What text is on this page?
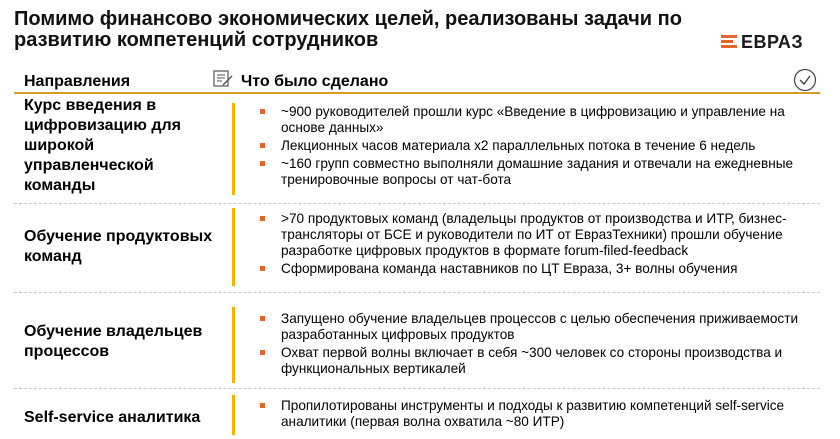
Помимо финансово экономических целей, реализованы задачи по развитию компетенций сотрудников	ЕВРАЗ
Направления	Что было сделано
Курс введения в цифровизацию для широкой управленческой команды
~900 руководителей прошли курс «Введение в цифровизацию и управление на основе данных»
Лекционных часов материала х2 параллельных потока в течение 6 недель
~160 групп совместно выполняли домашние задания и отвечали на ежедневные тренировочные вопросы от чат-бота
Обучение продуктовых команд
>70 продуктовых команд (владельцы продуктов от производства и ИТР, бизнес-трансляторы от БСЕ и руководители по ИТ от ЕвразТехники) прошли обучение разработке цифровых продуктов в формате forum-filed-feedback
Сформирована команда наставников по ЦТ Евраза, 3+ волны обучения
Обучение владельцев процессов
Запущено обучение владельцев процессов с целью обеспечения приживаемости разработанных цифровых продуктов
Охват первой волны включает в себя ~300 человек со стороны производства и функциональных вертикалей
Self-service аналитика
Пропилотированы инструменты и подходы к развитию компетенций self-service аналитики (первая волна охватила ~80 ИТР)
